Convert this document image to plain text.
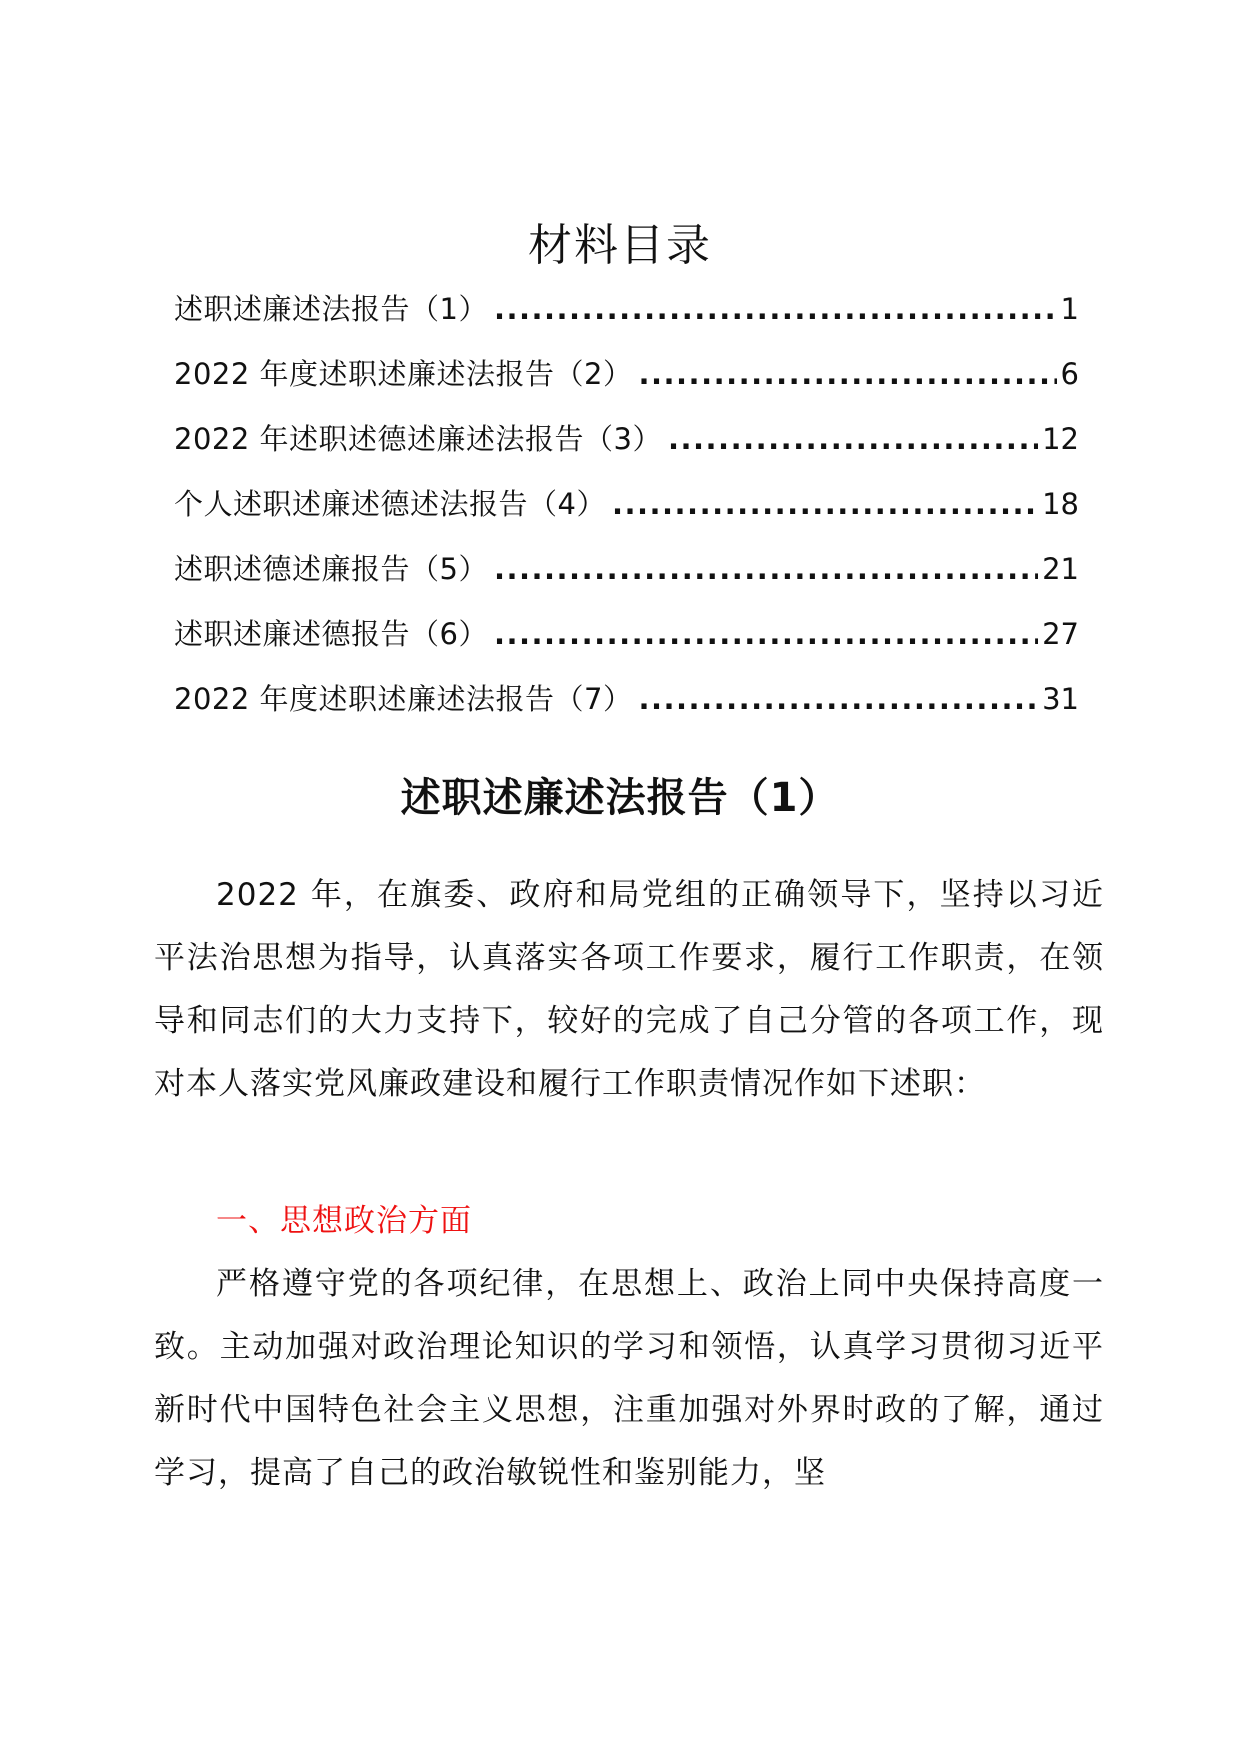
材料目录
述职述廉述法报告（1） .....	1
2022 年度述职述廉述法报告（2） .....	6
2022 年述职述德述廉述法报告（3） .....	12
个人述职述廉述德述法报告（4） .....	18
述职述德述廉报告（5） .....	21
述职述廉述德报告（6） .....	27
2022 年度述职述廉述法报告（7） .....	31
述职述廉述法报告（1）

2022 年，在旗委、政府和局党组的正确领导下，坚持以习近平法治思想为指导，认真落实各项工作要求，履行工作职责，在领导和同志们的大力支持下，较好的完成了自己分管的各项工作，现对本人落实党风廉政建设和履行工作职责情况作如下述职：

一、思想政治方面

严格遵守党的各项纪律，在思想上、政治上同中央保持高度一致。主动加强对政治理论知识的学习和领悟，认真学习贯彻习近平新时代中国特色社会主义思想，注重加强对外界时政的了解，通过学习，提高了自己的政治敏锐性和鉴别能力，坚
